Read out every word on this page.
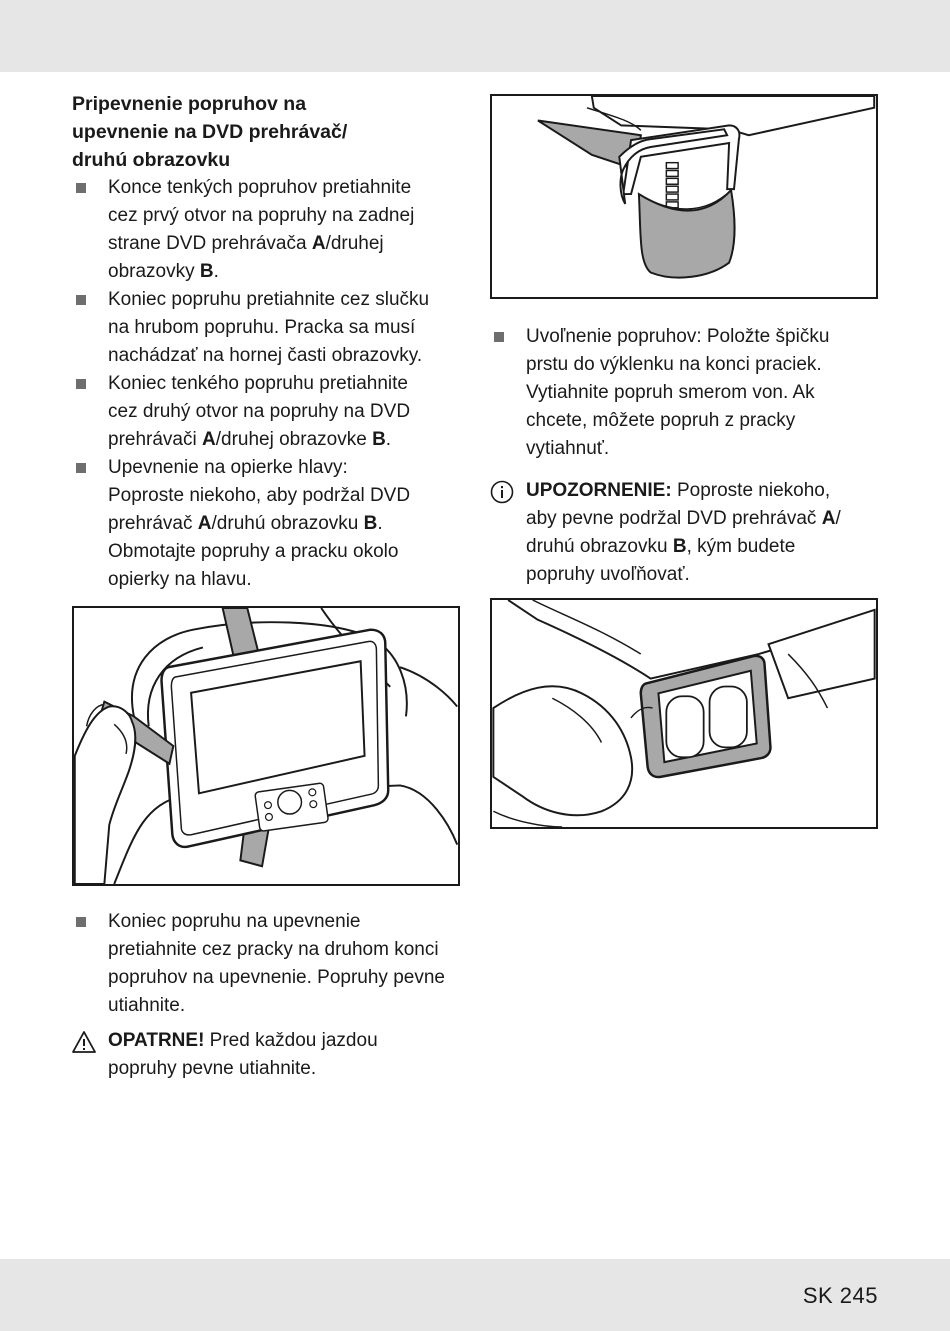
Pripevnenie popruhov na
upevnenie na DVD prehrávač/
druhú obrazovku
Konce tenkých popruhov pretiahnite
cez prvý otvor na popruhy na zadnej
strane DVD prehrávača A/druhej
obrazovky B.
Koniec popruhu pretiahnite cez slučku
na hrubom popruhu. Pracka sa musí
nachádzať na hornej časti obrazovky.
Koniec tenkého popruhu pretiahnite
cez druhý otvor na popruhy na DVD
prehrávači A/druhej obrazovke B.
Upevnenie na opierke hlavy:
Poproste niekoho, aby podržal DVD
prehrávač A/druhú obrazovku B.
Obmotajte popruhy a pracku okolo
opierky na hlavu.
Koniec popruhu na upevnenie
pretiahnite cez pracky na druhom konci
popruhov na upevnenie. Popruhy pevne
utiahnite.
OPATRNE! Pred každou jazdou
popruhy pevne utiahnite.
Uvoľnenie popruhov: Položte špičku
prstu do výklenku na konci praciek.
Vytiahnite popruh smerom von. Ak
chcete, môžete popruh z pracky
vytiahnuť.
UPOZORNENIE: Poproste niekoho,
aby pevne podržal DVD prehrávač A/
druhú obrazovku B, kým budete
popruhy uvoľňovať.
SK 245
